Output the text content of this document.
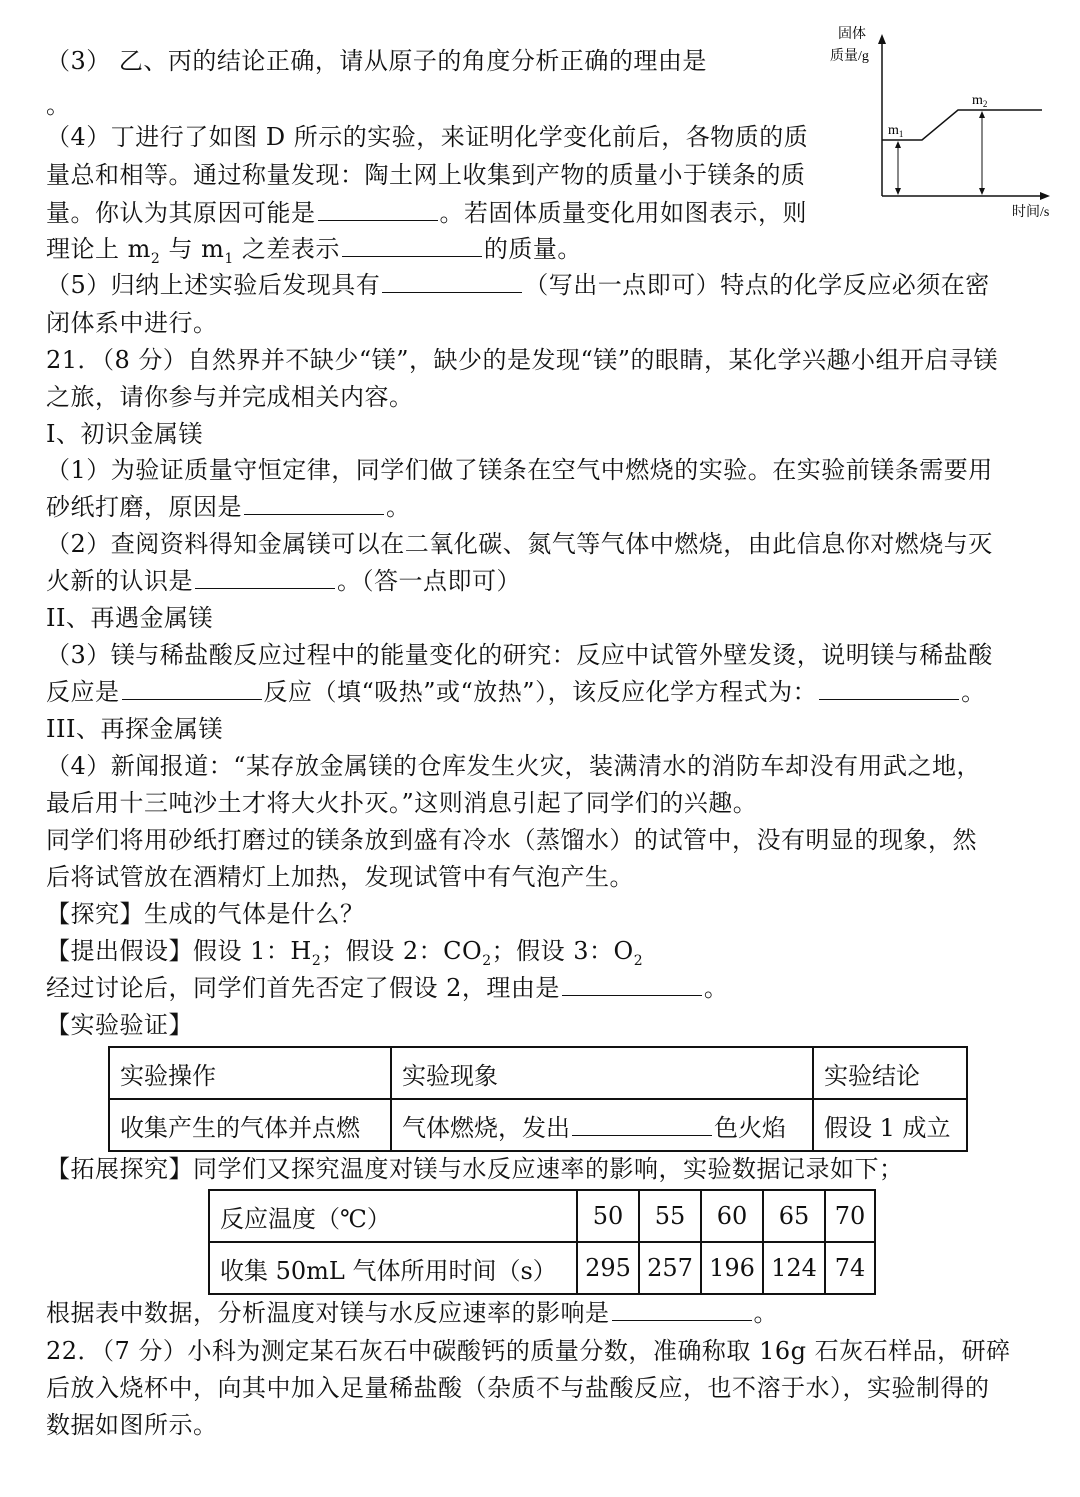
固体
质量/g
$m_1$
$m_2$
时间/s
（3） 乙、丙的结论正确，请从原子的角度分析正确的理由是
。
（4）丁进行了如图 D 所示的实验，来证明化学变化前后，各物质的质
量总和相等。通过称量发现：陶土网上收集到产物的质量小于镁条的质
量。你认为其原因可能是	。若固体质量变化用如图表示，则
理论上 $m_2$ 与 $m_1$ 之差表示	的质量。
（5）归纳上述实验后发现具有	（写出一点即可）特点的化学反应必须在密
闭体系中进行。
21．（8 分）自然界并不缺少“镁”，缺少的是发现“镁”的眼睛，某化学兴趣小组开启寻镁
之旅，请你参与并完成相关内容。
I、初识金属镁
（1）为验证质量守恒定律，同学们做了镁条在空气中燃烧的实验。在实验前镁条需要用
砂纸打磨，原因是	。
（2）查阅资料得知金属镁可以在二氧化碳、氮气等气体中燃烧，由此信息你对燃烧与灭
火新的认识是	。（答一点即可）
II、再遇金属镁
（3）镁与稀盐酸反应过程中的能量变化的研究：反应中试管外壁发烫，说明镁与稀盐酸
反应是	反应（填“吸热”或“放热”），该反应化学方程式为：	。
III、再探金属镁
（4）新闻报道：“某存放金属镁的仓库发生火灾，装满清水的消防车却没有用武之地，
最后用十三吨沙土才将大火扑灭。”这则消息引起了同学们的兴趣。
同学们将用砂纸打磨过的镁条放到盛有冷水（蒸馏水）的试管中，没有明显的现象，然
后将试管放在酒精灯上加热，发现试管中有气泡产生。
【探究】生成的气体是什么？
【提出假设】假设 1：$H_2$；假设 2：$CO_2$；假设 3：$O_2$
经过讨论后，同学们首先否定了假设 2，理由是	。
【实验验证】
实验操作	实验现象	实验结论
收集产生的气体并点燃	气体燃烧，发出 色火焰	假设 1 成立
【拓展探究】同学们又探究温度对镁与水反应速率的影响，实验数据记录如下；
反应温度（℃）	50	55	60	65	70
收集 50mL 气体所用时间（s）	295	257	196	124	74
根据表中数据，分析温度对镁与水反应速率的影响是	。
22．（7 分）小科为测定某石灰石中碳酸钙的质量分数，准确称取 16g 石灰石样品，研碎
后放入烧杯中，向其中加入足量稀盐酸（杂质不与盐酸反应，也不溶于水），实验制得的
数据如图所示。
